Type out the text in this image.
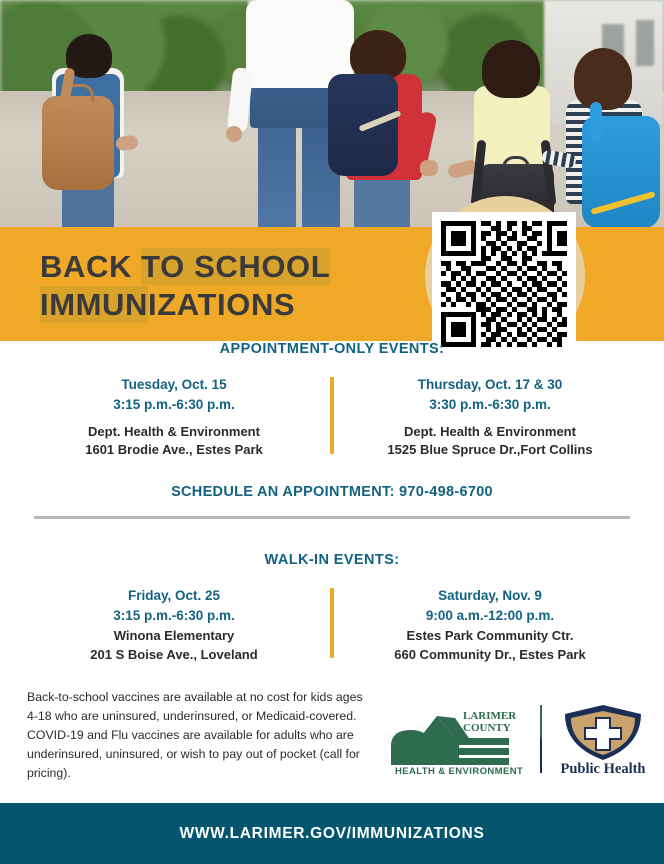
BACK TO SCHOOL
IMMUNIZATIONS
APPOINTMENT-ONLY EVENTS:
Tuesday, Oct. 15
3:15 p.m.-6:30 p.m.
Dept. Health & Environment
1601 Brodie Ave., Estes Park
Thursday, Oct. 17 & 30
3:30 p.m.-6:30 p.m.
Dept. Health & Environment
1525 Blue Spruce Dr.,Fort Collins
SCHEDULE AN APPOINTMENT: 970-498-6700
WALK-IN EVENTS:
Friday, Oct. 25
3:15 p.m.-6:30 p.m.
Winona Elementary
201 S Boise Ave., Loveland
Saturday, Nov. 9
9:00 a.m.-12:00 p.m.
Estes Park Community Ctr.
660 Community Dr., Estes Park
Back-to-school vaccines are available at no cost for kids ages 4-18 who are uninsured, underinsured, or Medicaid-covered. COVID-19 and Flu vaccines are available for adults who are underinsured, uninsured, or wish to pay out of pocket (call for pricing).
LARIMER
COUNTY
HEALTH & ENVIRONMENT	Public Health
WWW.LARIMER.GOV/IMMUNIZATIONS
